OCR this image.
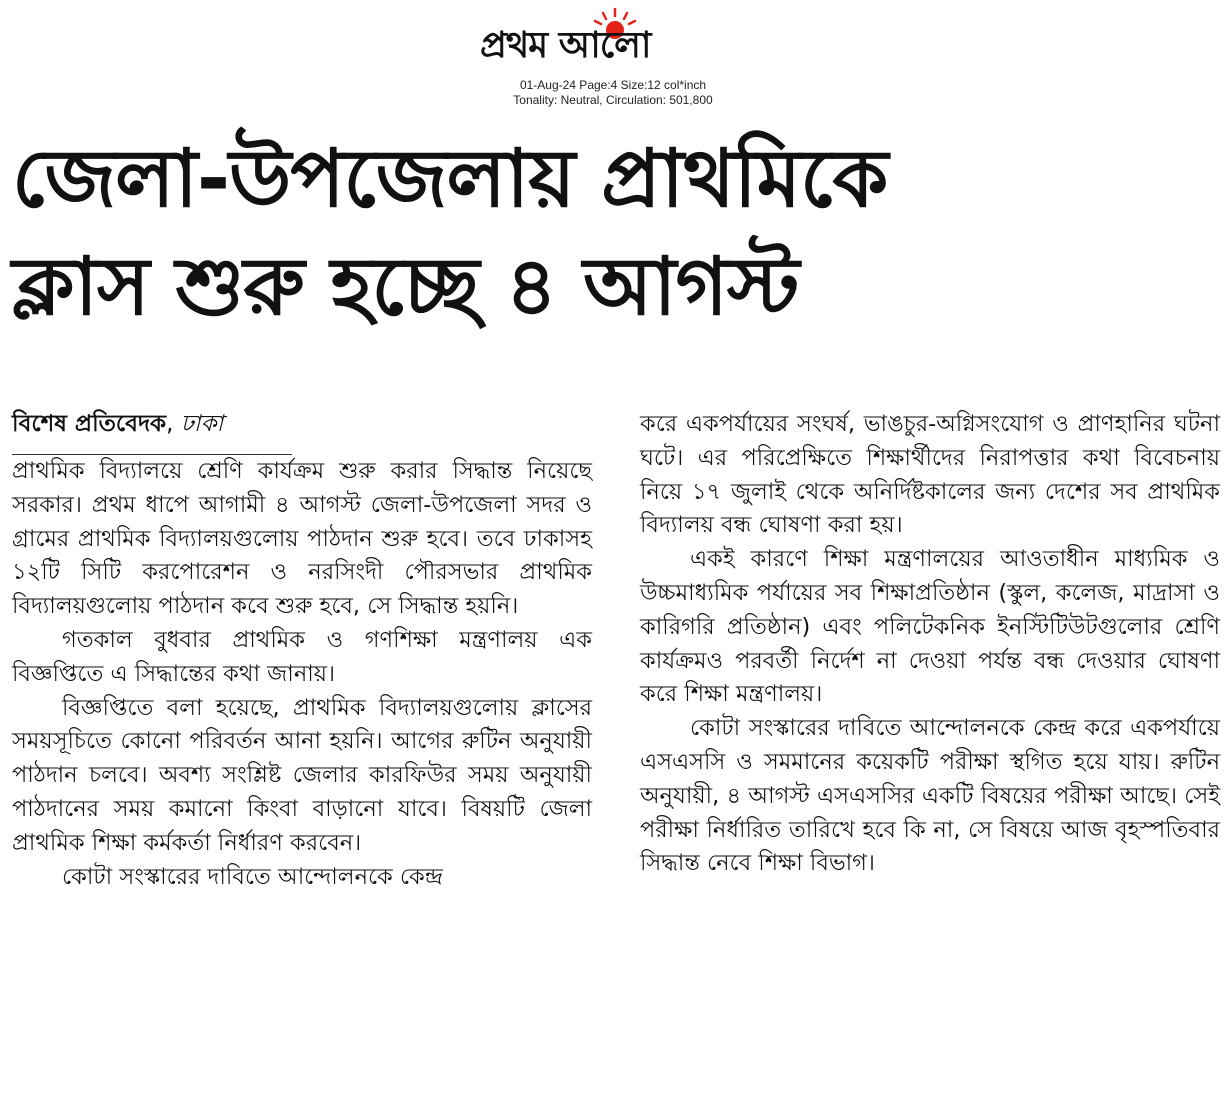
প্রথম আলো
01-Aug-24 Page:4 Size:12 col*inch
Tonality: Neutral, Circulation: 501,800
জেলা-উপজেলায় প্রাথমিকে
ক্লাস শুরু হচ্ছে ৪ আগস্ট
বিশেষ প্রতিবেদক, ঢাকা

প্রাথমিক বিদ্যালয়ে শ্রেণি কার্যক্রম শুরু করার সিদ্ধান্ত নিয়েছে সরকার। প্রথম ধাপে আগামী ৪ আগস্ট জেলা-উপজেলা সদর ও গ্রামের প্রাথমিক বিদ্যালয়গুলোয় পাঠদান শুরু হবে। তবে ঢাকাসহ ১২টি সিটি করপোরেশন ও নরসিংদী পৌরসভার প্রাথমিক বিদ্যালয়গুলোয় পাঠদান কবে শুরু হবে, সে সিদ্ধান্ত হয়নি।

গতকাল বুধবার প্রাথমিক ও গণশিক্ষা মন্ত্রণালয় এক বিজ্ঞপ্তিতে এ সিদ্ধান্তের কথা জানায়।

বিজ্ঞপ্তিতে বলা হয়েছে, প্রাথমিক বিদ্যালয়গুলোয় ক্লাসের সময়সূচিতে কোনো পরিবর্তন আনা হয়নি। আগের রুটিন অনুযায়ী পাঠদান চলবে। অবশ্য সংশ্লিষ্ট জেলার কারফিউর সময় অনুযায়ী পাঠদানের সময় কমানো কিংবা বাড়ানো যাবে। বিষয়টি জেলা প্রাথমিক শিক্ষা কর্মকর্তা নির্ধারণ করবেন।

কোটা সংস্কারের দাবিতে আন্দোলনকে কেন্দ্র

করে একপর্যায়ের সংঘর্ষ, ভাঙচুর-অগ্নিসংযোগ ও প্রাণহানির ঘটনা ঘটে। এর পরিপ্রেক্ষিতে শিক্ষার্থীদের নিরাপত্তার কথা বিবেচনায় নিয়ে ১৭ জুলাই থেকে অনির্দিষ্টকালের জন্য দেশের সব প্রাথমিক বিদ্যালয় বন্ধ ঘোষণা করা হয়।

একই কারণে শিক্ষা মন্ত্রণালয়ের আওতাধীন মাধ্যমিক ও উচ্চমাধ্যমিক পর্যায়ের সব শিক্ষাপ্রতিষ্ঠান (স্কুল, কলেজ, মাদ্রাসা ও কারিগরি প্রতিষ্ঠান) এবং পলিটেকনিক ইনস্টিটিউটগুলোর শ্রেণি কার্যক্রমও পরবর্তী নির্দেশ না দেওয়া পর্যন্ত বন্ধ দেওয়ার ঘোষণা করে শিক্ষা মন্ত্রণালয়।

কোটা সংস্কারের দাবিতে আন্দোলনকে কেন্দ্র করে একপর্যায়ে এসএসসি ও সমমানের কয়েকটি পরীক্ষা স্থগিত হয়ে যায়। রুটিন অনুযায়ী, ৪ আগস্ট এসএসসির একটি বিষয়ের পরীক্ষা আছে। সেই পরীক্ষা নির্ধারিত তারিখে হবে কি না, সে বিষয়ে আজ বৃহস্পতিবার সিদ্ধান্ত নেবে শিক্ষা বিভাগ।
